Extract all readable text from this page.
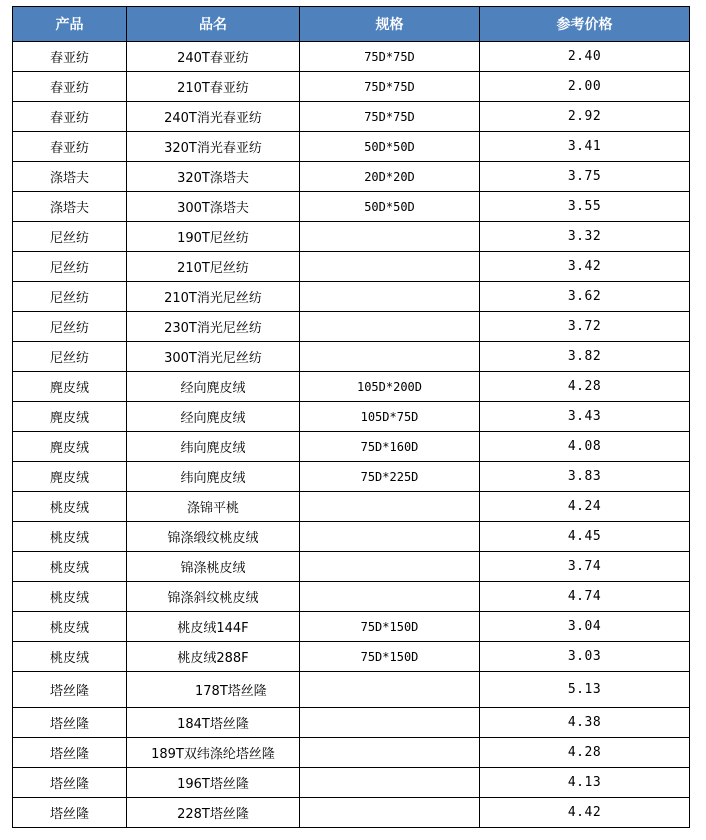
产品	品名	规格	参考价格
春亚纺	240T春亚纺	75D*75D	2.40
春亚纺	210T春亚纺	75D*75D	2.00
春亚纺	240T消光春亚纺	75D*75D	2.92
春亚纺	320T消光春亚纺	50D*50D	3.41
涤塔夫	320T涤塔夫	20D*20D	3.75
涤塔夫	300T涤塔夫	50D*50D	3.55
尼丝纺	190T尼丝纺		3.32
尼丝纺	210T尼丝纺		3.42
尼丝纺	210T消光尼丝纺		3.62
尼丝纺	230T消光尼丝纺		3.72
尼丝纺	300T消光尼丝纺		3.82
麂皮绒	经向麂皮绒	105D*200D	4.28
麂皮绒	经向麂皮绒	105D*75D	3.43
麂皮绒	纬向麂皮绒	75D*160D	4.08
麂皮绒	纬向麂皮绒	75D*225D	3.83
桃皮绒	涤锦平桃		4.24
桃皮绒	锦涤缎纹桃皮绒		4.45
桃皮绒	锦涤桃皮绒		3.74
桃皮绒	锦涤斜纹桃皮绒		4.74
桃皮绒	桃皮绒144F	75D*150D	3.04
桃皮绒	桃皮绒288F	75D*150D	3.03
塔丝隆	178T塔丝隆		5.13
塔丝隆	184T塔丝隆		4.38
塔丝隆	189T双纬涤纶塔丝隆		4.28
塔丝隆	196T塔丝隆		4.13
塔丝隆	228T塔丝隆		4.42
